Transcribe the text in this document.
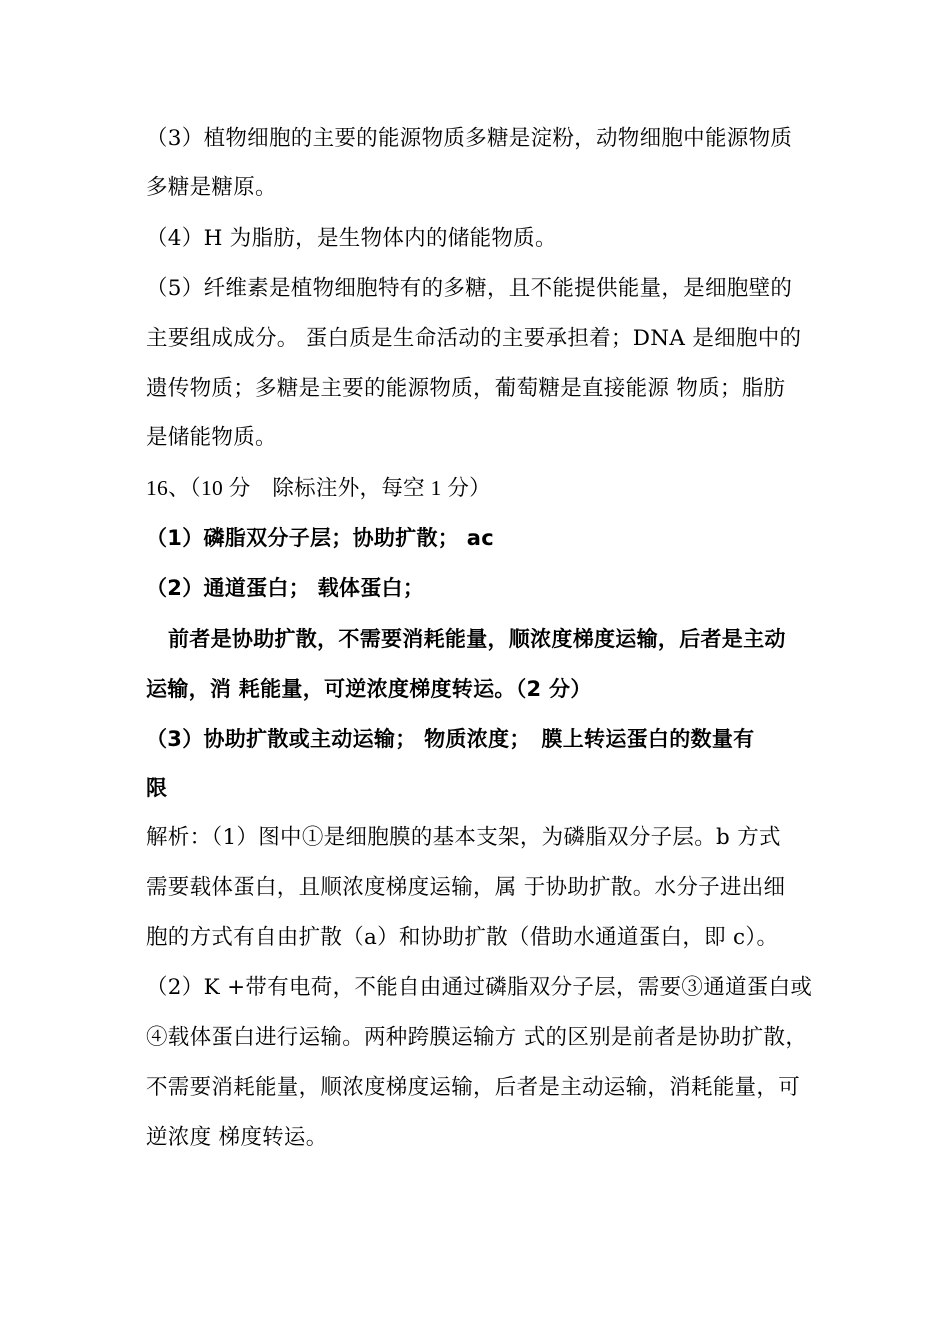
（3）植物细胞的主要的能源物质多糖是淀粉，动物细胞中能源物质
多糖是糖原。
（4）H 为脂肪，是生物体内的储能物质。
（5）纤维素是植物细胞特有的多糖，且不能提供能量，是细胞壁的
主要组成成分。 蛋白质是生命活动的主要承担着；DNA 是细胞中的
遗传物质；多糖是主要的能源物质，葡萄糖是直接能源 物质；脂肪
是储能物质。
16、（10 分　除标注外，每空 1 分）
（1）磷脂双分子层；协助扩散； ac
（2）通道蛋白； 载体蛋白；
前者是协助扩散，不需要消耗能量，顺浓度梯度运输，后者是主动
运输，消 耗能量，可逆浓度梯度转运。（2 分）
（3）协助扩散或主动运输； 物质浓度；　膜上转运蛋白的数量有
限
解析：（1）图中①是细胞膜的基本支架，为磷脂双分子层。b 方式
需要载体蛋白，且顺浓度梯度运输，属 于协助扩散。水分子进出细
胞的方式有自由扩散（a）和协助扩散（借助水通道蛋白，即 c）。
（2）K +带有电荷，不能自由通过磷脂双分子层，需要③通道蛋白或
④载体蛋白进行运输。两种跨膜运输方 式的区别是前者是协助扩散，
不需要消耗能量，顺浓度梯度运输，后者是主动运输，消耗能量，可
逆浓度 梯度转运。
